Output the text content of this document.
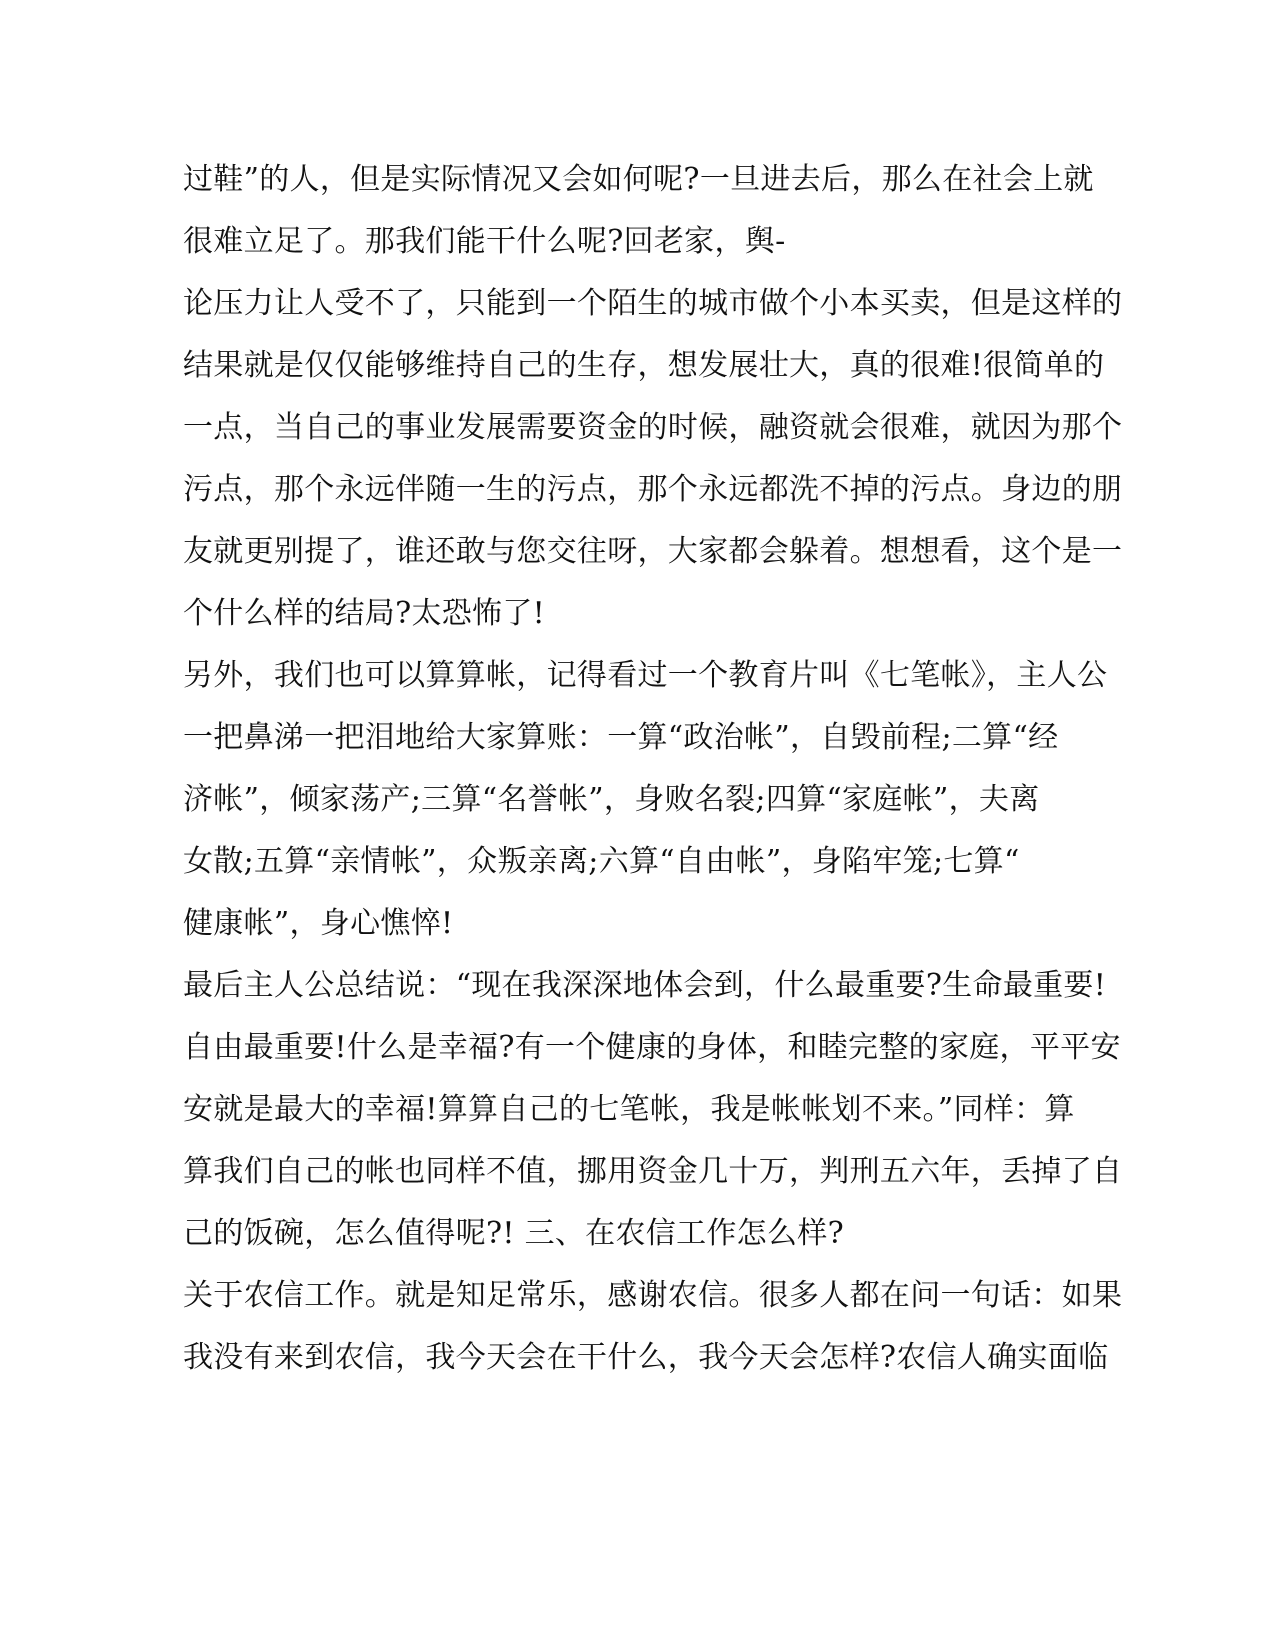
过鞋”的人，但是实际情况又会如何呢?一旦进去后，那么在社会上就
很难立足了。那我们能干什么呢?回老家，舆-
论压力让人受不了，只能到一个陌生的城市做个小本买卖，但是这样的
结果就是仅仅能够维持自己的生存，想发展壮大，真的很难!很简单的
一点，当自己的事业发展需要资金的时候，融资就会很难，就因为那个
污点，那个永远伴随一生的污点，那个永远都洗不掉的污点。身边的朋
友就更别提了，谁还敢与您交往呀，大家都会躲着。想想看，这个是一
个什么样的结局?太恐怖了!
另外，我们也可以算算帐，记得看过一个教育片叫《七笔帐》，主人公
一把鼻涕一把泪地给大家算账：一算“政治帐”，自毁前程;二算“经
济帐”，倾家荡产;三算“名誉帐”，身败名裂;四算“家庭帐”，夫离
女散;五算“亲情帐”，众叛亲离;六算“自由帐”，身陷牢笼;七算“
健康帐”，身心憔悴!
最后主人公总结说：“现在我深深地体会到，什么最重要?生命最重要!
自由最重要!什么是幸福?有一个健康的身体，和睦完整的家庭，平平安
安就是最大的幸福!算算自己的七笔帐，我是帐帐划不来。”同样：算
算我们自己的帐也同样不值，挪用资金几十万，判刑五六年，丢掉了自
己的饭碗，怎么值得呢?! 三、在农信工作怎么样?
关于农信工作。就是知足常乐，感谢农信。很多人都在问一句话：如果
我没有来到农信，我今天会在干什么，我今天会怎样?农信人确实面临
